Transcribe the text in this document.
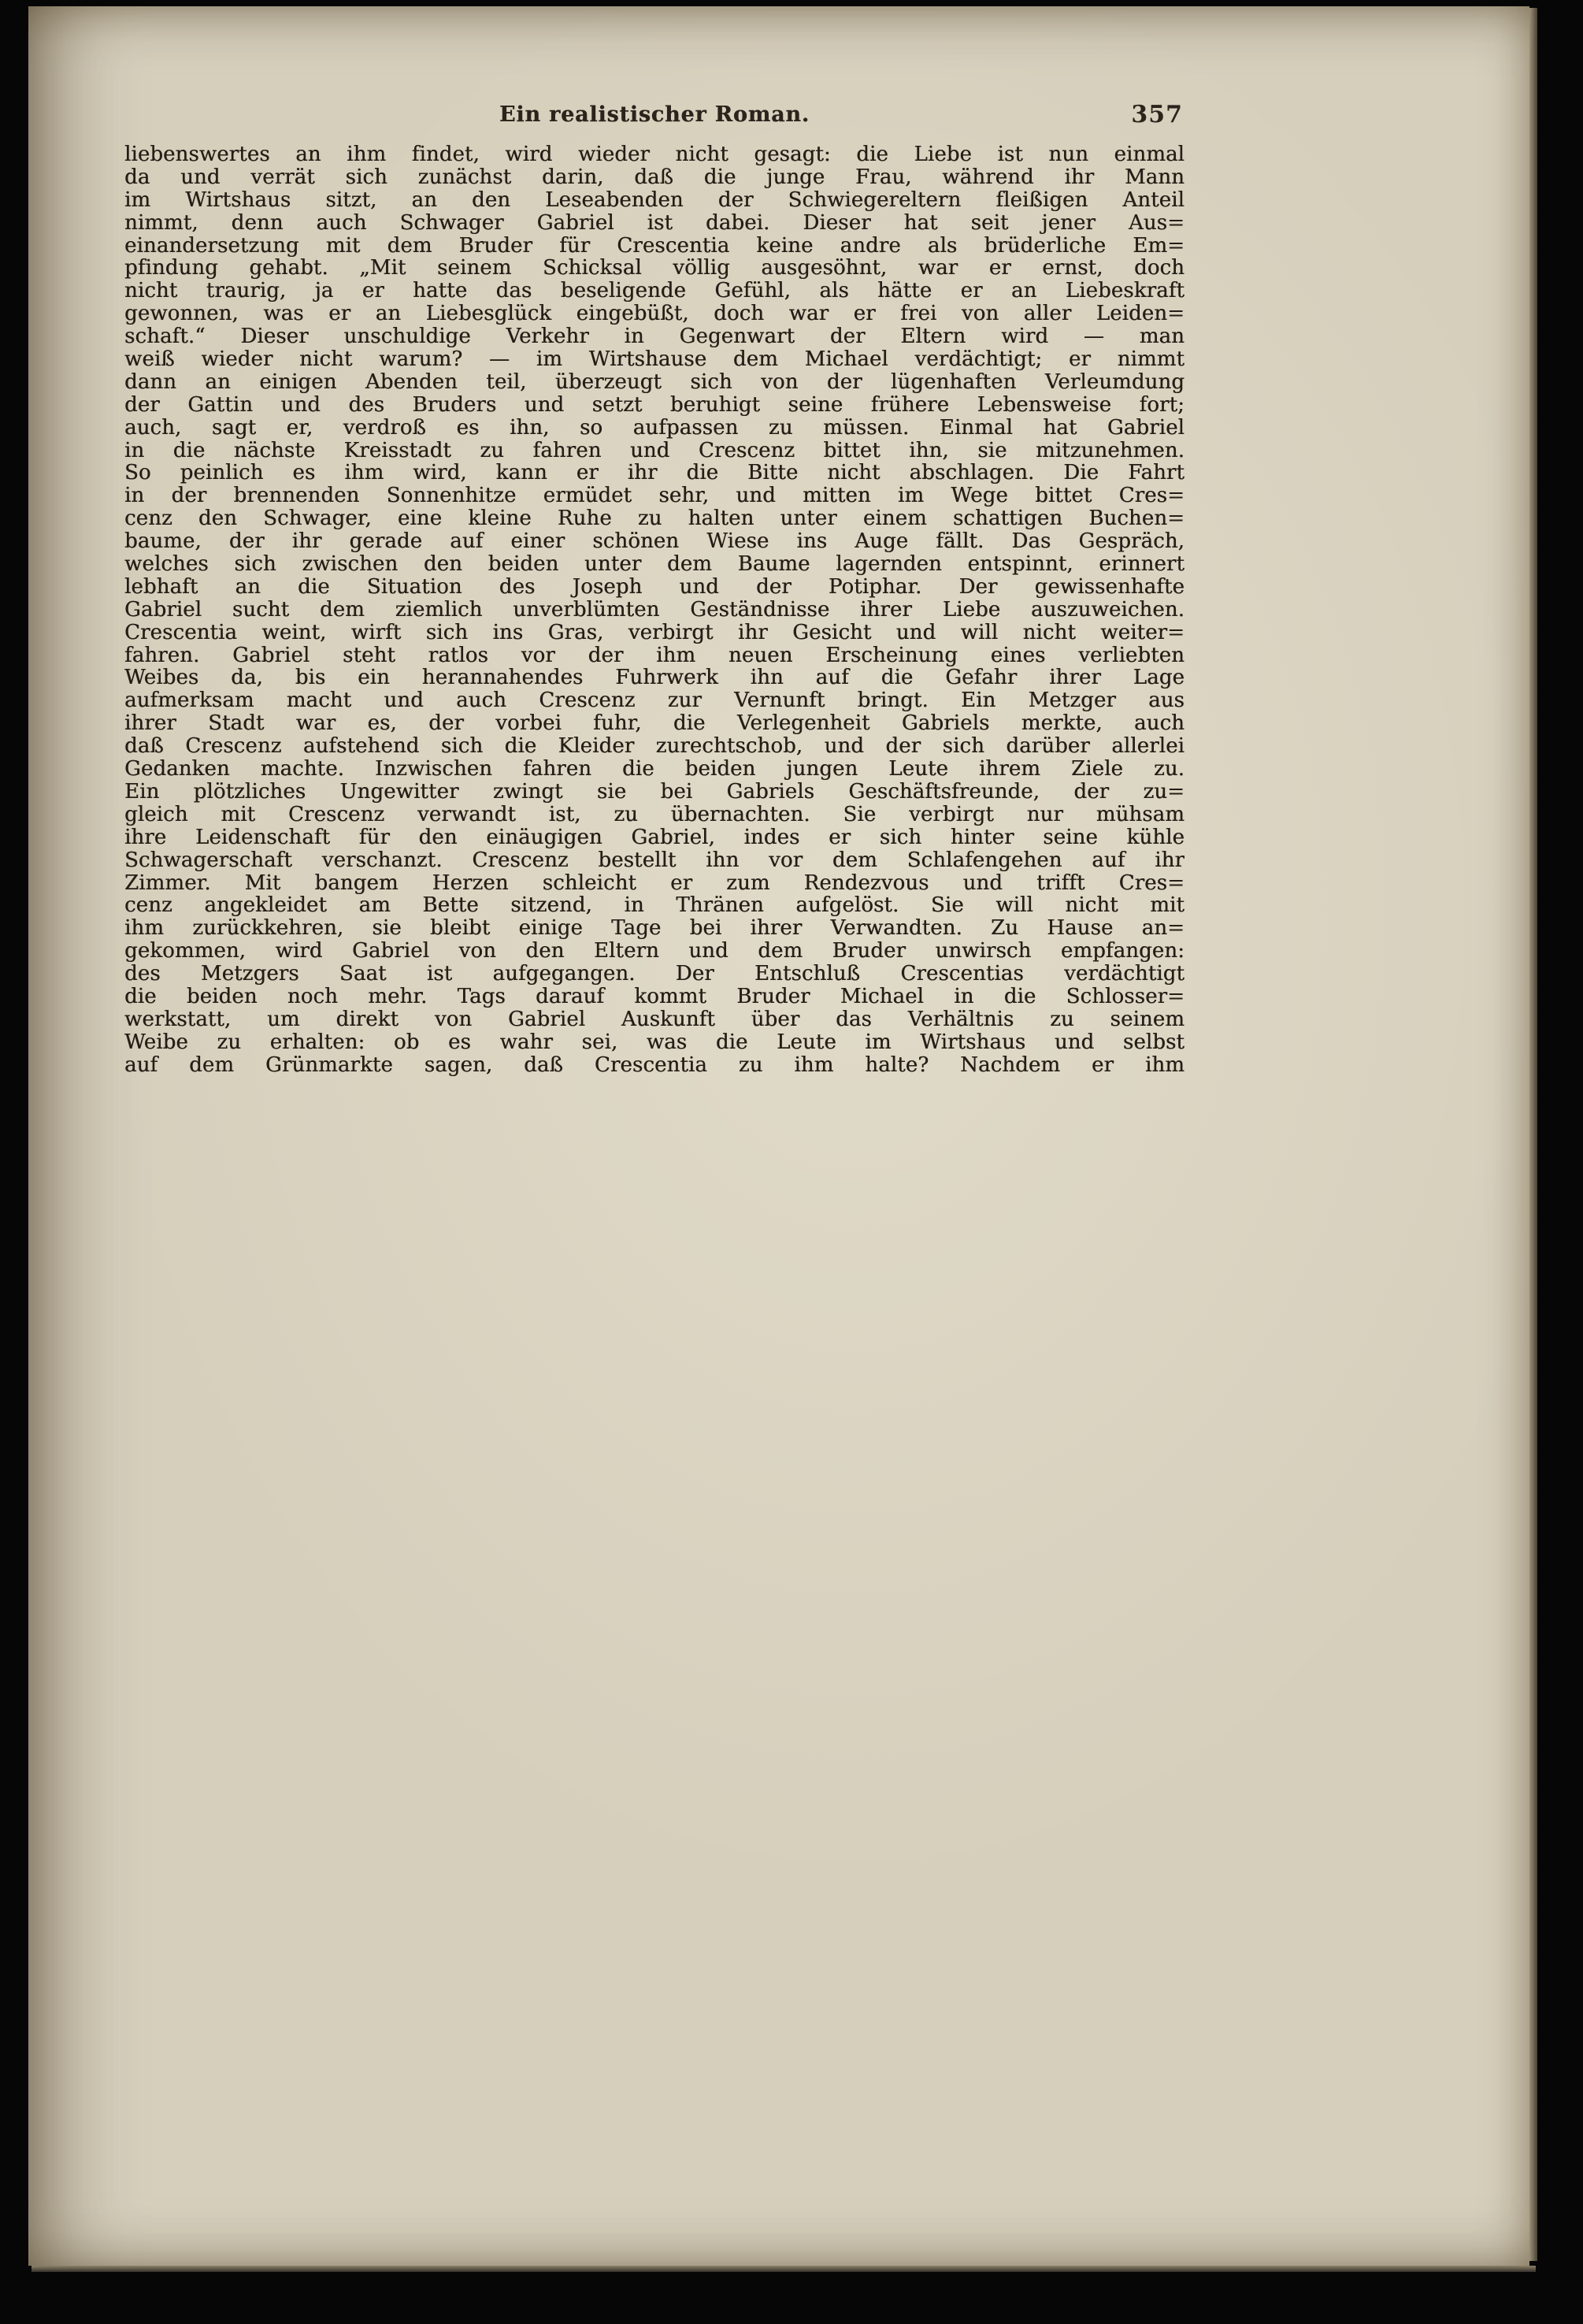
Ein realistischer Roman.	357
liebenswertes an ihm findet, wird wieder nicht gesagt: die Liebe ist nun einmal
da und verrät sich zunächst darin, daß die junge Frau, während ihr Mann
im Wirtshaus sitzt, an den Leseabenden der Schwiegereltern fleißigen Anteil
nimmt, denn auch Schwager Gabriel ist dabei. Dieser hat seit jener Aus=
einandersetzung mit dem Bruder für Crescentia keine andre als brüderliche Em=
pfindung gehabt. „Mit seinem Schicksal völlig ausgesöhnt, war er ernst, doch
nicht traurig, ja er hatte das beseligende Gefühl, als hätte er an Liebeskraft
gewonnen, was er an Liebesglück eingebüßt, doch war er frei von aller Leiden=
schaft.“ Dieser unschuldige Verkehr in Gegenwart der Eltern wird — man
weiß wieder nicht warum? — im Wirtshause dem Michael verdächtigt; er nimmt
dann an einigen Abenden teil, überzeugt sich von der lügenhaften Verleumdung
der Gattin und des Bruders und setzt beruhigt seine frühere Lebensweise fort;
auch, sagt er, verdroß es ihn, so aufpassen zu müssen. Einmal hat Gabriel
in die nächste Kreisstadt zu fahren und Crescenz bittet ihn, sie mitzunehmen.
So peinlich es ihm wird, kann er ihr die Bitte nicht abschlagen. Die Fahrt
in der brennenden Sonnenhitze ermüdet sehr, und mitten im Wege bittet Cres=
cenz den Schwager, eine kleine Ruhe zu halten unter einem schattigen Buchen=
baume, der ihr gerade auf einer schönen Wiese ins Auge fällt. Das Gespräch,
welches sich zwischen den beiden unter dem Baume lagernden entspinnt, erinnert
lebhaft an die Situation des Joseph und der Potiphar. Der gewissenhafte
Gabriel sucht dem ziemlich unverblümten Geständnisse ihrer Liebe auszuweichen.
Crescentia weint, wirft sich ins Gras, verbirgt ihr Gesicht und will nicht weiter=
fahren. Gabriel steht ratlos vor der ihm neuen Erscheinung eines verliebten
Weibes da, bis ein herannahendes Fuhrwerk ihn auf die Gefahr ihrer Lage
aufmerksam macht und auch Crescenz zur Vernunft bringt. Ein Metzger aus
ihrer Stadt war es, der vorbei fuhr, die Verlegenheit Gabriels merkte, auch
daß Crescenz aufstehend sich die Kleider zurechtschob, und der sich darüber allerlei
Gedanken machte. Inzwischen fahren die beiden jungen Leute ihrem Ziele zu.
Ein plötzliches Ungewitter zwingt sie bei Gabriels Geschäftsfreunde, der zu=
gleich mit Crescenz verwandt ist, zu übernachten. Sie verbirgt nur mühsam
ihre Leidenschaft für den einäugigen Gabriel, indes er sich hinter seine kühle
Schwagerschaft verschanzt. Crescenz bestellt ihn vor dem Schlafengehen auf ihr
Zimmer. Mit bangem Herzen schleicht er zum Rendezvous und trifft Cres=
cenz angekleidet am Bette sitzend, in Thränen aufgelöst. Sie will nicht mit
ihm zurückkehren, sie bleibt einige Tage bei ihrer Verwandten. Zu Hause an=
gekommen, wird Gabriel von den Eltern und dem Bruder unwirsch empfangen:
des Metzgers Saat ist aufgegangen. Der Entschluß Crescentias verdächtigt
die beiden noch mehr. Tags darauf kommt Bruder Michael in die Schlosser=
werkstatt, um direkt von Gabriel Auskunft über das Verhältnis zu seinem
Weibe zu erhalten: ob es wahr sei, was die Leute im Wirtshaus und selbst
auf dem Grünmarkte sagen, daß Crescentia zu ihm halte? Nachdem er ihm
